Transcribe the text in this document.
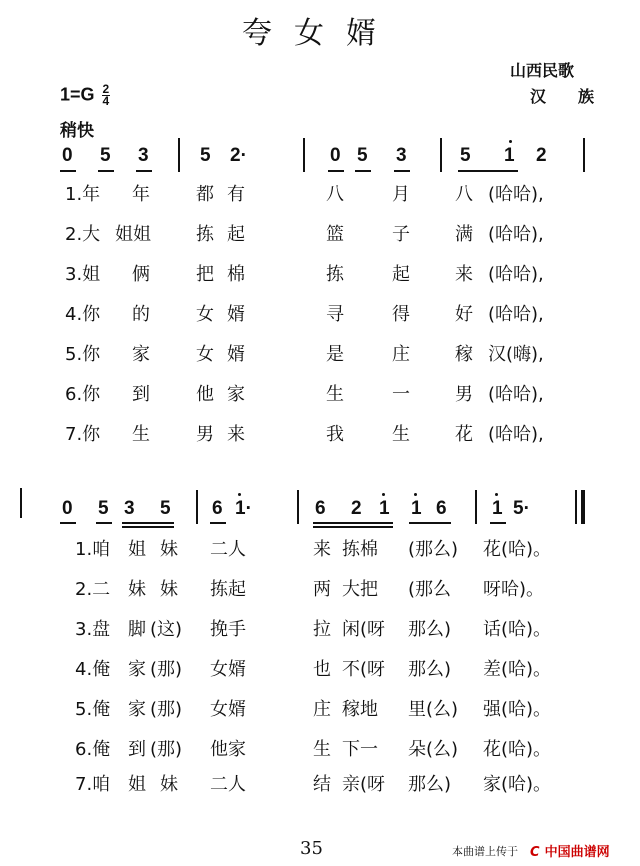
夸女婿
山西民歌
汉　族
$1=G \frac{2}{4}$
稍快
0 5 3	5 2·	0 5 3	5 1 2
1.年 年	都 有	八	月	八 (哈哈),
2.大 姐姐	拣 起	篮	子	满 (哈哈),
3.姐 俩	把 棉	拣	起	来 (哈哈),
4.你 的	女 婿	寻	得	好 (哈哈),
5.你 家	女 婿	是	庄	稼 汉(嗨),
6.你 到	他 家	生	一	男 (哈哈),
7.你 生	男 来	我	生	花 (哈哈),
0 5 3 5 6 1·	6 2 1 1 6 1 5·
1.咱 姐 妹 二人	来 拣棉 (那么) 花(哈)。
2.二 妹 妹 拣起	两 大把 (那么 呀哈)。
3.盘 脚 (这) 挽手	拉 闲(呀 那么) 话(哈)。
4.俺 家 (那) 女婿	也 不(呀 那么) 差(哈)。
5.俺 家 (那) 女婿	庄 稼地 里(么) 强(哈)。
6.俺 到 (那) 他家	生 下一 朵(么) 花(哈)。
7.咱 姐 妹 二人	结 亲(呀 那么) 家(哈)。
35	本曲谱上传于 C 中国曲谱网
